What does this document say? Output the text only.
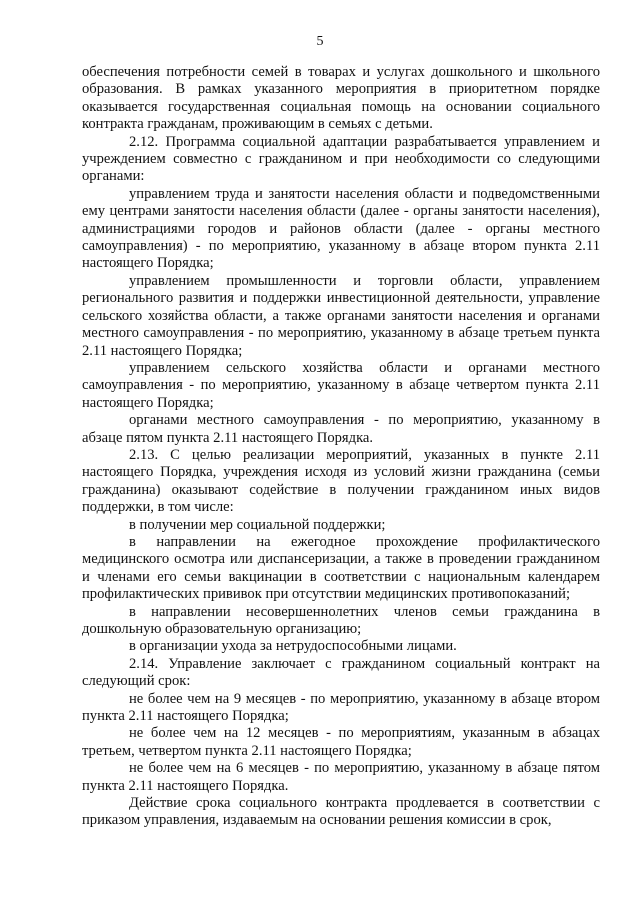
5

обеспечения потребности семей в товарах и услугах дошкольного и школьного образования. В рамках указанного мероприятия в приоритетном порядке оказывается государственная социальная помощь на основании социального контракта гражданам, проживающим в семьях с детьми.

2.12. Программа социальной адаптации разрабатывается управлением и учреждением совместно с гражданином и при необходимости со следующими органами:

управлением труда и занятости населения области и подведомственными ему центрами занятости населения области (далее - органы занятости населения), администрациями городов и районов области (далее - органы местного самоуправления) - по мероприятию, указанному в абзаце втором пункта 2.11 настоящего Порядка;

управлением промышленности и торговли области, управлением регионального развития и поддержки инвестиционной деятельности, управление сельского хозяйства области, а также органами занятости населения и органами местного самоуправления - по мероприятию, указанному в абзаце третьем пункта 2.11 настоящего Порядка;

управлением сельского хозяйства области и органами местного самоуправления - по мероприятию, указанному в абзаце четвертом пункта 2.11 настоящего Порядка;

органами местного самоуправления - по мероприятию, указанному в абзаце пятом пункта 2.11 настоящего Порядка.

2.13. С целью реализации мероприятий, указанных в пункте 2.11 настоящего Порядка, учреждения исходя из условий жизни гражданина (семьи гражданина) оказывают содействие в получении гражданином иных видов поддержки, в том числе:

в получении мер социальной поддержки;

в направлении на ежегодное прохождение профилактического медицинского осмотра или диспансеризации, а также в проведении гражданином и членами его семьи вакцинации в соответствии с национальным календарем профилактических прививок при отсутствии медицинских противопоказаний;

в направлении несовершеннолетних членов семьи гражданина в дошкольную образовательную организацию;

в организации ухода за нетрудоспособными лицами.

2.14. Управление заключает с гражданином социальный контракт на следующий срок:

не более чем на 9 месяцев - по мероприятию, указанному в абзаце втором пункта 2.11 настоящего Порядка;

не более чем на 12 месяцев - по мероприятиям, указанным в абзацах третьем, четвертом пункта 2.11 настоящего Порядка;

не более чем на 6 месяцев - по мероприятию, указанному в абзаце пятом пункта 2.11 настоящего Порядка.

Действие срока социального контракта продлевается в соответствии с приказом управления, издаваемым на основании решения комиссии в срок,
